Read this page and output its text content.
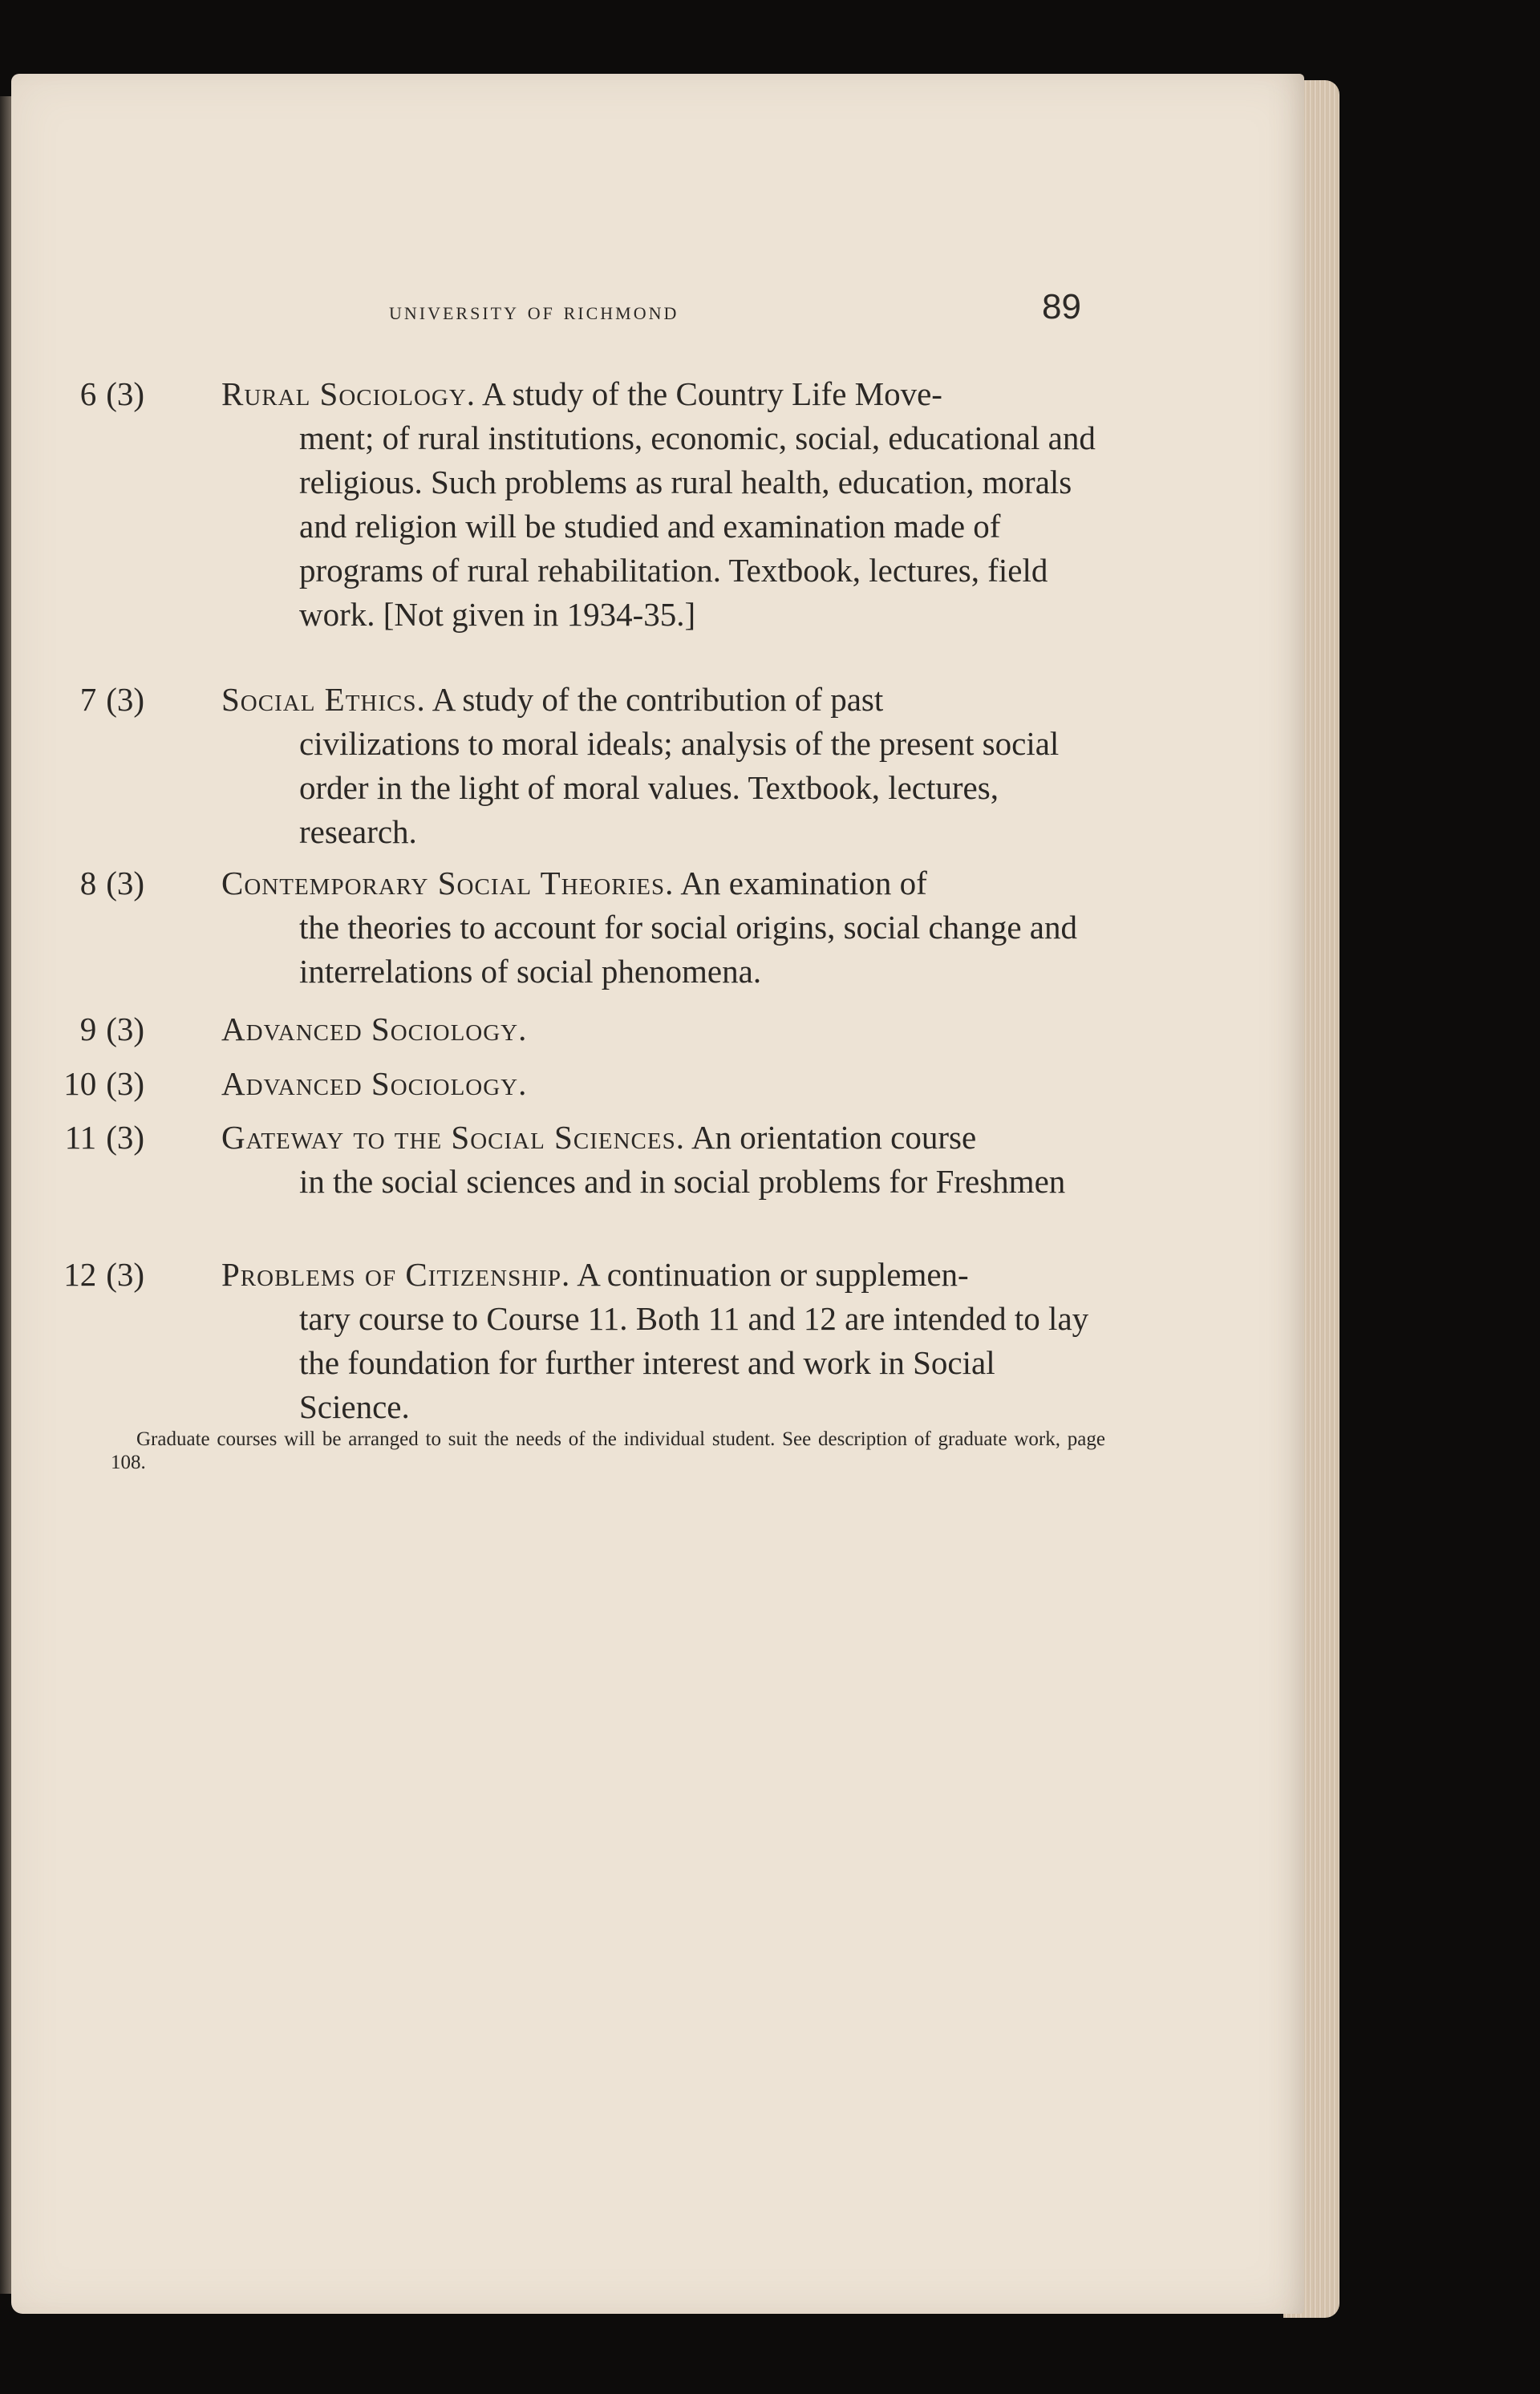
university of richmond	89
6 (3) Rural Sociology. A study of the Country Life Move-
ment; of rural institutions, economic, social, educational and religious. Such problems as rural health, education, morals and religion will be studied and examination made of programs of rural rehabilitation. Textbook, lectures, field work. [Not given in 1934-35.]
7 (3) Social Ethics. A study of the contribution of past
civilizations to moral ideals; analysis of the present social order in the light of moral values. Textbook, lectures, research.
8 (3) Contemporary Social Theories. An examination of
the theories to account for social origins, social change and interrelations of social phenomena.
9 (3) Advanced Sociology.
10 (3) Advanced Sociology.
11 (3) Gateway to the Social Sciences. An orientation course
in the social sciences and in social problems for Freshmen
12 (3) Problems of Citizenship. A continuation or supplemen-
tary course to Course 11. Both 11 and 12 are intended to lay the foundation for further interest and work in Social Science.
Graduate courses will be arranged to suit the needs of the individual student. See description of graduate work, page 108.
